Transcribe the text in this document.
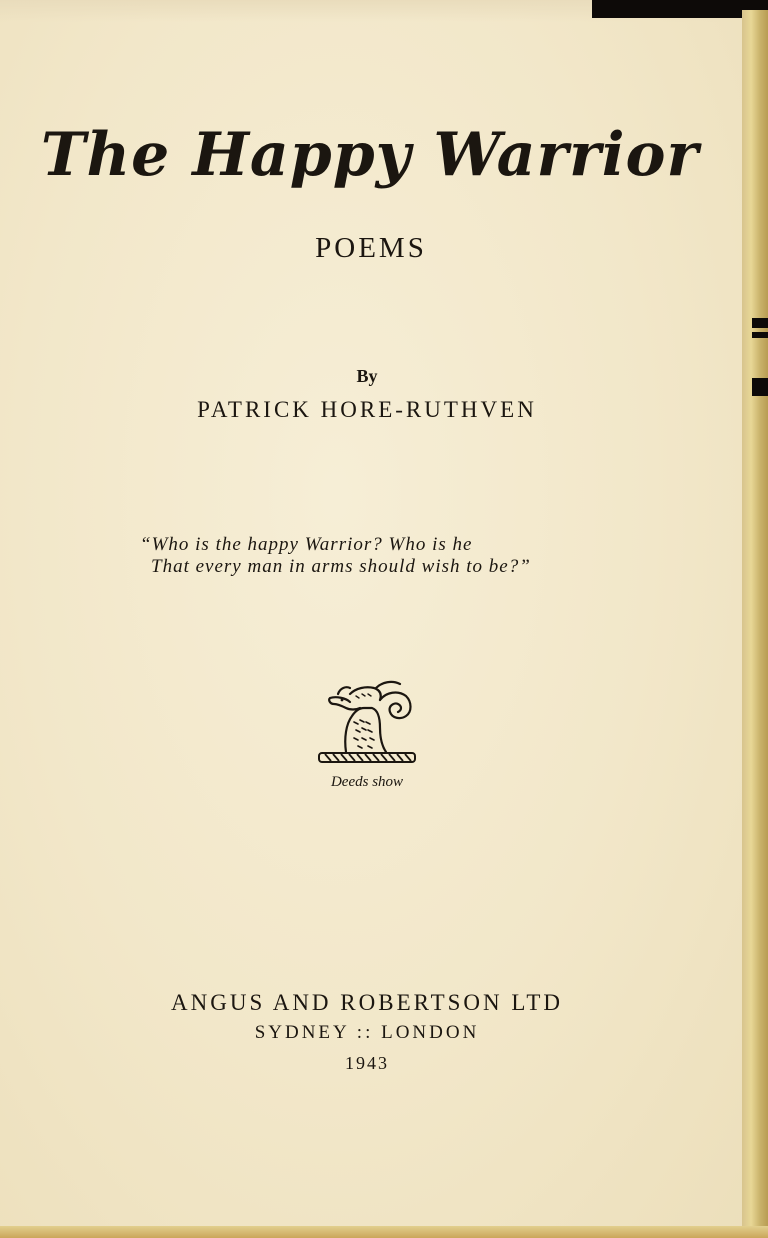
The Happy Warrior

POEMS

By

PATRICK HORE-RUTHVEN

“Who is the happy Warrior? Who is he

That every man in arms should wish to be?”

Deeds show

ANGUS AND ROBERTSON LTD

SYDNEY :: LONDON

1943
